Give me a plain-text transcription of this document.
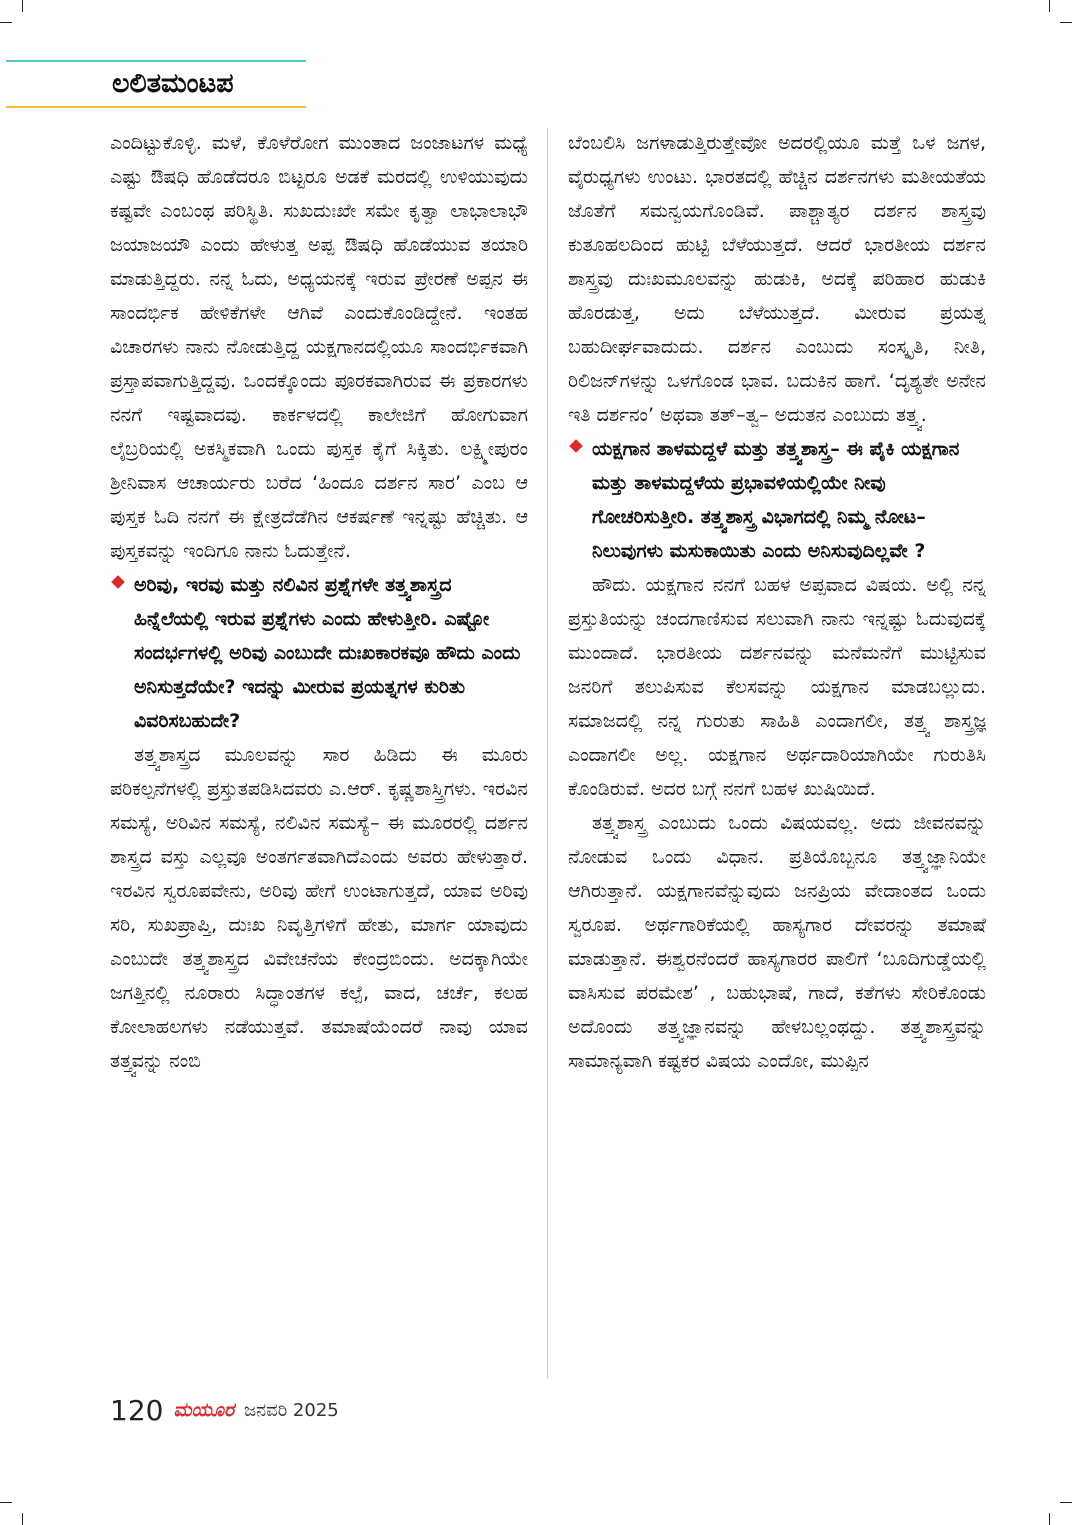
ಲಲಿತಮಂಟಪ

ಎಂದಿಟ್ಟುಕೊಳ್ಳಿ. ಮಳೆ, ಕೊಳೆರೋಗ ಮುಂತಾದ ಜಂಜಾಟಗಳ ಮಧ್ಯೆ ಎಷ್ಟು ಔಷಧಿ ಹೊಡೆದರೂ ಬಿಟ್ಟರೂ ಅಡಕೆ ಮರದಲ್ಲಿ ಉಳಿಯುವುದು ಕಷ್ಟವೇ ಎಂಬಂಥ ಪರಿಸ್ಥಿತಿ. ಸುಖದುಃಖೇ ಸಮೇ ಕೃತ್ವಾ ಲಾಭಾಲಾಭೌ ಜಯಾಜಯೌ ಎಂದು ಹೇಳುತ್ತ ಅಪ್ಪ ಔಷಧಿ ಹೊಡೆಯುವ ತಯಾರಿ ಮಾಡುತ್ತಿದ್ದರು. ನನ್ನ ಓದು, ಅಧ್ಯಯನಕ್ಕೆ ಇರುವ ಪ್ರೇರಣೆ ಅಪ್ಪನ ಈ ಸಾಂದರ್ಭಿಕ ಹೇಳಿಕೆಗಳೇ ಆಗಿವೆ ಎಂದುಕೊಂಡಿದ್ದೇನೆ. ಇಂತಹ ವಿಚಾರಗಳು ನಾನು ನೋಡುತ್ತಿದ್ದ ಯಕ್ಷಗಾನದಲ್ಲಿಯೂ ಸಾಂದರ್ಭಿಕವಾಗಿ ಪ್ರಸ್ತಾಪವಾಗುತ್ತಿದ್ದವು. ಒಂದಕ್ಕೊಂದು ಪೂರಕವಾಗಿರುವ ಈ ಪ್ರಕಾರಗಳು ನನಗೆ ಇಷ್ಟವಾದವು. ಕಾರ್ಕಳದಲ್ಲಿ ಕಾಲೇಜಿಗೆ ಹೋಗುವಾಗ ಲೈಬ್ರರಿಯಲ್ಲಿ ಅಕಸ್ಮಿಕವಾಗಿ ಒಂದು ಪುಸ್ತಕ ಕೈಗೆ ಸಿಕ್ಕಿತು. ಲಕ್ಷ್ಮೀಪುರಂ ಶ್ರೀನಿವಾಸ ಆಚಾರ್ಯರು ಬರೆದ ‘ಹಿಂದೂ ದರ್ಶನ ಸಾರ’ ಎಂಬ ಆ ಪುಸ್ತಕ ಓದಿ ನನಗೆ ಈ ಕ್ಷೇತ್ರದೆಡೆಗಿನ ಆಕರ್ಷಣೆ ಇನ್ನಷ್ಟು ಹೆಚ್ಚಿತು. ಆ ಪುಸ್ತಕವನ್ನು ಇಂದಿಗೂ ನಾನು ಓದುತ್ತೇನೆ.

ಅರಿವು, ಇರವು ಮತ್ತು ನಲಿವಿನ ಪ್ರಶ್ನೆಗಳೇ ತತ್ತ್ವಶಾಸ್ತ್ರದ ಹಿನ್ನೆಲೆಯಲ್ಲಿ ಇರುವ ಪ್ರಶ್ನೆಗಳು ಎಂದು ಹೇಳುತ್ತೀರಿ. ಎಷ್ಟೋ ಸಂದರ್ಭಗಳಲ್ಲಿ ಅರಿವು ಎಂಬುದೇ ದುಃಖಕಾರಕವೂ ಹೌದು ಎಂದು ಅನಿಸುತ್ತದೆಯೇ? ಇದನ್ನು ಮೀರುವ ಪ್ರಯತ್ನಗಳ ಕುರಿತು ವಿವರಿಸಬಹುದೇ?

ತತ್ತ್ವಶಾಸ್ತ್ರದ ಮೂಲವನ್ನು ಸಾರ ಹಿಡಿದು ಈ ಮೂರು ಪರಿಕಲ್ಪನೆಗಳಲ್ಲಿ ಪ್ರಸ್ತುತಪಡಿಸಿದವರು ಎ.ಆರ್. ಕೃಷ್ಣಶಾಸ್ತ್ರಿಗಳು. ಇರವಿನ ಸಮಸ್ಯೆ, ಅರಿವಿನ ಸಮಸ್ಯೆ, ನಲಿವಿನ ಸಮಸ್ಯೆ– ಈ ಮೂರರಲ್ಲಿ ದರ್ಶನ ಶಾಸ್ತ್ರದ ವಸ್ತು ಎಲ್ಲವೂ ಅಂತರ್ಗತವಾಗಿದೆಎಂದು ಅವರು ಹೇಳುತ್ತಾರೆ. ಇರವಿನ ಸ್ವರೂಪವೇನು, ಅರಿವು ಹೇಗೆ ಉಂಟಾಗುತ್ತದೆ, ಯಾವ ಅರಿವು ಸರಿ, ಸುಖಪ್ರಾಪ್ತಿ, ದುಃಖ ನಿವೃತ್ತಿಗಳಿಗೆ ಹೇತು, ಮಾರ್ಗ ಯಾವುದು ಎಂಬುದೇ ತತ್ತ್ವಶಾಸ್ತ್ರದ ವಿವೇಚನೆಯ ಕೇಂದ್ರಬಿಂದು. ಅದಕ್ಕಾಗಿಯೇ ಜಗತ್ತಿನಲ್ಲಿ ನೂರಾರು ಸಿದ್ಧಾಂತಗಳ ಕಲ್ಪೆ, ವಾದ, ಚರ್ಚೆ, ಕಲಹ ಕೋಲಾಹಲಗಳು ನಡೆಯುತ್ತವೆ. ತಮಾಷೆಯೆಂದರೆ ನಾವು ಯಾವ ತತ್ತ್ವವನ್ನು ನಂಬಿ

ಬೆಂಬಲಿಸಿ ಜಗಳಾಡುತ್ತಿರುತ್ತೇವೋ ಅದರಲ್ಲಿಯೂ ಮತ್ತೆ ಒಳ ಜಗಳ, ವೈರುಧ್ಯಗಳು ಉಂಟು. ಭಾರತದಲ್ಲಿ ಹೆಚ್ಚಿನ ದರ್ಶನಗಳು ಮತೀಯತೆಯ ಜೊತೆಗೆ ಸಮನ್ವಯಗೊಂಡಿವೆ. ಪಾಶ್ಚಾತ್ಯರ ದರ್ಶನ ಶಾಸ್ತ್ರವು ಕುತೂಹಲದಿಂದ ಹುಟ್ಟಿ ಬೆಳೆಯುತ್ತದೆ. ಆದರೆ ಭಾರತೀಯ ದರ್ಶನ ಶಾಸ್ತ್ರವು ದುಃಖಮೂಲವನ್ನು ಹುಡುಕಿ, ಅದಕ್ಕೆ ಪರಿಹಾರ ಹುಡುಕಿ ಹೊರಡುತ್ತ, ಅದು ಬೆಳೆಯುತ್ತದೆ. ಮೀರುವ ಪ್ರಯತ್ನ ಬಹುದೀರ್ಘವಾದುದು. ದರ್ಶನ ಎಂಬುದು ಸಂಸ್ಕೃತಿ, ನೀತಿ, ರಿಲಿಜನ್‌ಗಳನ್ನು ಒಳಗೊಂಡ ಭಾವ. ಬದುಕಿನ ಹಾಗೆ. ‘ದೃಶ್ಯತೇ ಅನೇನ ಇತಿ ದರ್ಶನಂ’ ಅಥವಾ ತತ್–ತ್ವ– ಅದುತನ ಎಂಬುದು ತತ್ತ್ವ.

ಯಕ್ಷಗಾನ ತಾಳಮದ್ದಳೆ ಮತ್ತು ತತ್ತ್ವಶಾಸ್ತ್ರ– ಈ ಪೈಕಿ ಯಕ್ಷಗಾನ ಮತ್ತು ತಾಳಮದ್ದಳೆಯ ಪ್ರಭಾವಳಿಯಲ್ಲಿಯೇ ನೀವು ಗೋಚರಿಸುತ್ತೀರಿ. ತತ್ತ್ವಶಾಸ್ತ್ರ ವಿಭಾಗದಲ್ಲಿ ನಿಮ್ಮ ನೋಟ– ನಿಲುವುಗಳು ಮಸುಕಾಯಿತು ಎಂದು ಅನಿಸುವುದಿಲ್ಲವೇ ?

ಹೌದು. ಯಕ್ಷಗಾನ ನನಗೆ ಬಹಳ ಅಪ್ಪವಾದ ವಿಷಯ. ಅಲ್ಲಿ ನನ್ನ ಪ್ರಸ್ತುತಿಯನ್ನು ಚಂದಗಾಣಿಸುವ ಸಲುವಾಗಿ ನಾನು ಇನ್ನಷ್ಟು ಓದುವುದಕ್ಕೆ ಮುಂದಾದೆ. ಭಾರತೀಯ ದರ್ಶನವನ್ನು ಮನೆಮನೆಗೆ ಮುಟ್ಟಿಸುವ ಜನರಿಗೆ ತಲುಪಿಸುವ ಕೆಲಸವನ್ನು ಯಕ್ಷಗಾನ ಮಾಡಬಲ್ಲುದು. ಸಮಾಜದಲ್ಲಿ ನನ್ನ ಗುರುತು ಸಾಹಿತಿ ಎಂದಾಗಲೀ, ತತ್ತ್ವ ಶಾಸ್ತ್ರಜ್ಞ ಎಂದಾಗಲೀ ಅಲ್ಲ. ಯಕ್ಷಗಾನ ಅರ್ಥದಾರಿಯಾಗಿಯೇ ಗುರುತಿಸಿ ಕೊಂಡಿರುವೆ. ಅದರ ಬಗ್ಗೆ ನನಗೆ ಬಹಳ ಖುಷಿಯಿದೆ.

ತತ್ತ್ವಶಾಸ್ತ್ರ ಎಂಬುದು ಒಂದು ವಿಷಯವಲ್ಲ. ಅದು ಜೀವನವನ್ನು ನೋಡುವ ಒಂದು ವಿಧಾನ. ಪ್ರತಿಯೊಬ್ಬನೂ ತತ್ತ್ವಜ್ಞಾನಿಯೇ ಆಗಿರುತ್ತಾನೆ. ಯಕ್ಷಗಾನವೆನ್ನುವುದು ಜನಪ್ರಿಯ ವೇದಾಂತದ ಒಂದು ಸ್ವರೂಪ. ಅರ್ಥಗಾರಿಕೆಯಲ್ಲಿ ಹಾಸ್ಯಗಾರ ದೇವರನ್ನು ತಮಾಷೆ ಮಾಡುತ್ತಾನೆ. ಈಶ್ವರನೆಂದರೆ ಹಾಸ್ಯಗಾರರ ಪಾಲಿಗೆ ‘ಬೂದಿಗುಡ್ಡೆಯಲ್ಲಿ ವಾಸಿಸುವ ಪರಮೇಶ’ , ಬಹುಭಾಷೆ, ಗಾದೆ, ಕತೆಗಳು ಸೇರಿಕೊಂಡು ಅದೊಂದು ತತ್ತ್ವಜ್ಞಾನವನ್ನು ಹೇಳಬಲ್ಲಂಥದ್ದು. ತತ್ತ್ವಶಾಸ್ತ್ರವನ್ನು ಸಾಮಾನ್ಯವಾಗಿ ಕಷ್ಟಕರ ವಿಷಯ ಎಂದೋ, ಮುಪ್ಪಿನ

120 ಮಯೂರ ಜನವರಿ 2025
